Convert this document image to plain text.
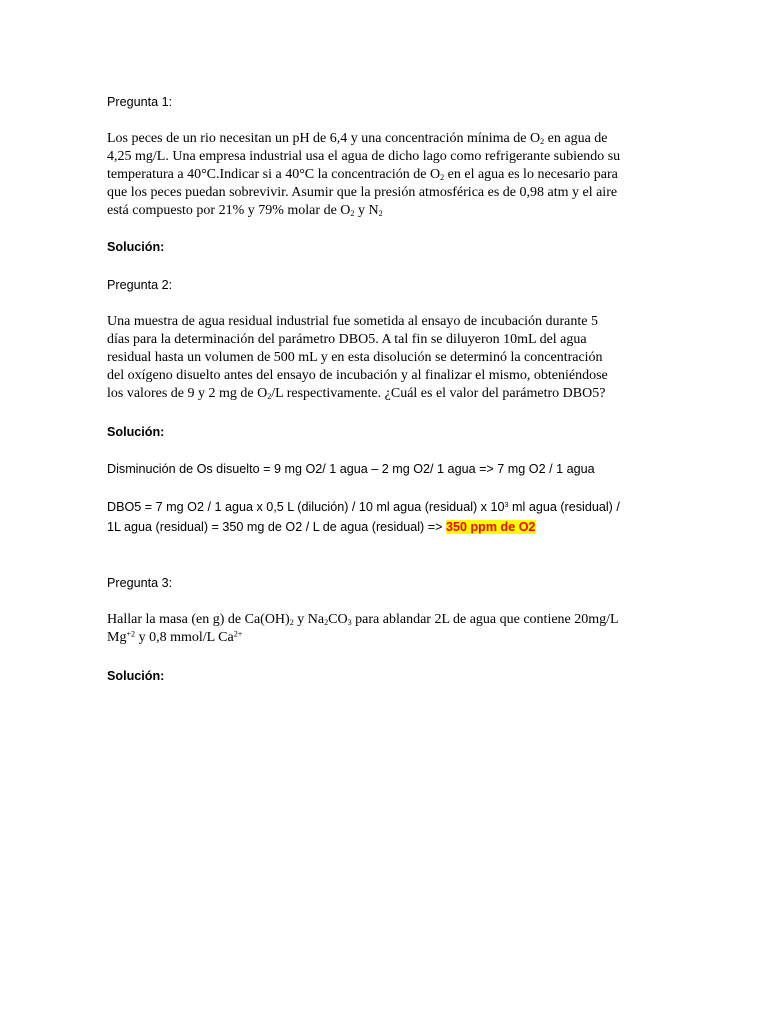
Pregunta 1:

Los peces de un rio necesitan un pH de 6,4 y una concentración mínima de $O_2$ en agua de
4,25 mg/L. Una empresa industrial usa el agua de dicho lago como refrigerante subiendo su
temperatura a 40°C.Indicar si a 40°C la concentración de $O_2$ en el agua es lo necesario para
que los peces puedan sobrevivir. Asumir que la presión atmosférica es de 0,98 atm y el aire
está compuesto por 21% y 79% molar de $O_2$ y $N_2$

Solución:

Pregunta 2:

Una muestra de agua residual industrial fue sometida al ensayo de incubación durante 5
días para la determinación del parámetro DBO5. A tal fin se diluyeron 10mL del agua
residual hasta un volumen de 500 mL y en esta disolución se determinó la concentración
del oxígeno disuelto antes del ensayo de incubación y al finalizar el mismo, obteniéndose
los valores de 9 y 2 mg de $O_2/L$ respectivamente. ¿Cuál es el valor del parámetro DBO5?

Solución:

Disminución de Os disuelto = 9 mg O2/ 1 agua – 2 mg O2/ 1 agua => 7 mg O2 / 1 agua

DBO5 = 7 mg O2 / 1 agua x 0,5 L (dilución) / 10 ml agua (residual) x $10^3$ ml agua (residual) /
1L agua (residual) = 350 mg de O2 / L de agua (residual) => 350 ppm de O2

Pregunta 3:

Hallar la masa (en g) de $Ca(OH)_2$ y $Na_2CO_3$ para ablandar 2L de agua que contiene 20mg/L
$Mg^{+2}$ y 0,8 mmol/L $Ca^{2+}$

Solución:
